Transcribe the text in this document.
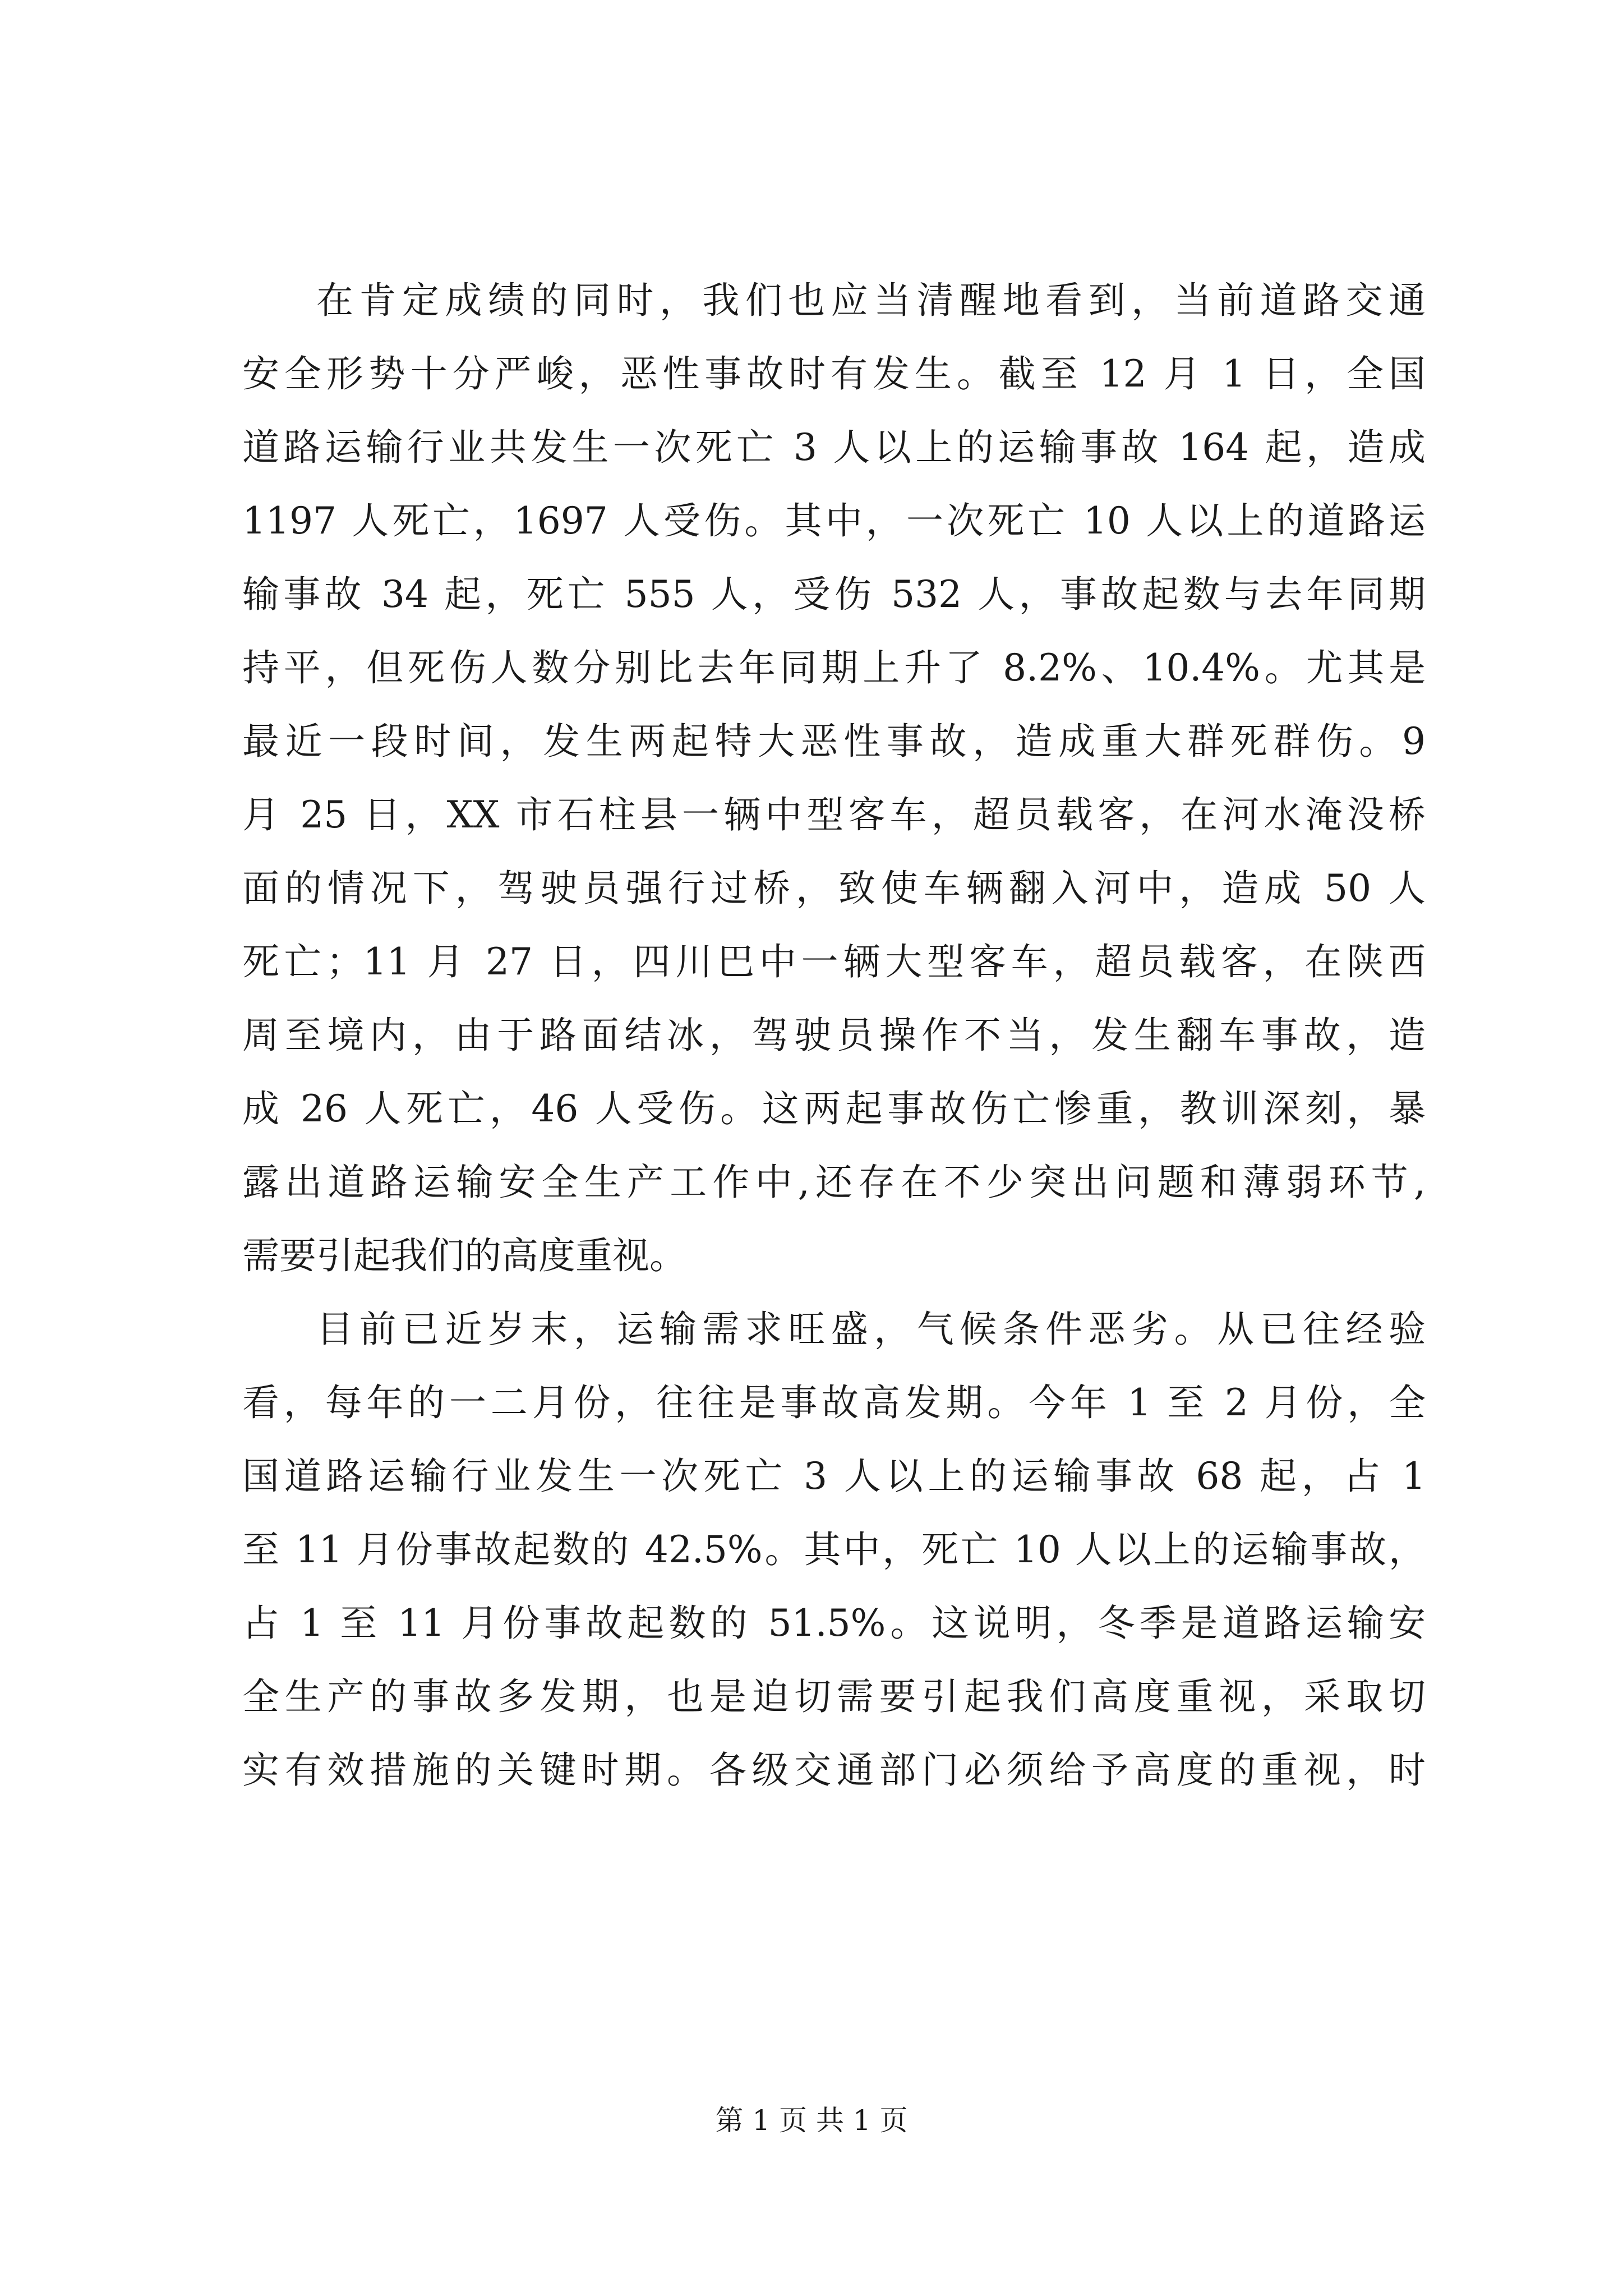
在肯定成绩的同时，我们也应当清醒地看到，当前道路交通
安全形势十分严峻，恶性事故时有发生。截至 12 月 1 日，全国
道路运输行业共发生一次死亡 3 人以上的运输事故 164 起，造成
1197 人死亡，1697 人受伤。其中，一次死亡 10 人以上的道路运
输事故 34 起，死亡 555 人，受伤 532 人，事故起数与去年同期
持平，但死伤人数分别比去年同期上升了 8.2%、10.4%。尤其是
最近一段时间，发生两起特大恶性事故，造成重大群死群伤。9
月 25 日，XX 市石柱县一辆中型客车，超员载客，在河水淹没桥
面的情况下，驾驶员强行过桥，致使车辆翻入河中，造成 50 人
死亡；11 月 27 日，四川巴中一辆大型客车，超员载客，在陕西
周至境内，由于路面结冰，驾驶员操作不当，发生翻车事故，造
成 26 人死亡，46 人受伤。这两起事故伤亡惨重，教训深刻，暴
露出道路运输安全生产工作中,还存在不少突出问题和薄弱环节,
需要引起我们的高度重视。
目前已近岁末，运输需求旺盛，气候条件恶劣。从已往经验
看，每年的一二月份，往往是事故高发期。今年 1 至 2 月份，全
国道路运输行业发生一次死亡 3 人以上的运输事故 68 起，占 1
至 11 月份事故起数的 42.5%。其中，死亡 10 人以上的运输事故，
占 1 至 11 月份事故起数的 51.5%。这说明，冬季是道路运输安
全生产的事故多发期，也是迫切需要引起我们高度重视，采取切
实有效措施的关键时期。各级交通部门必须给予高度的重视，时
第 1 页 共 1 页
